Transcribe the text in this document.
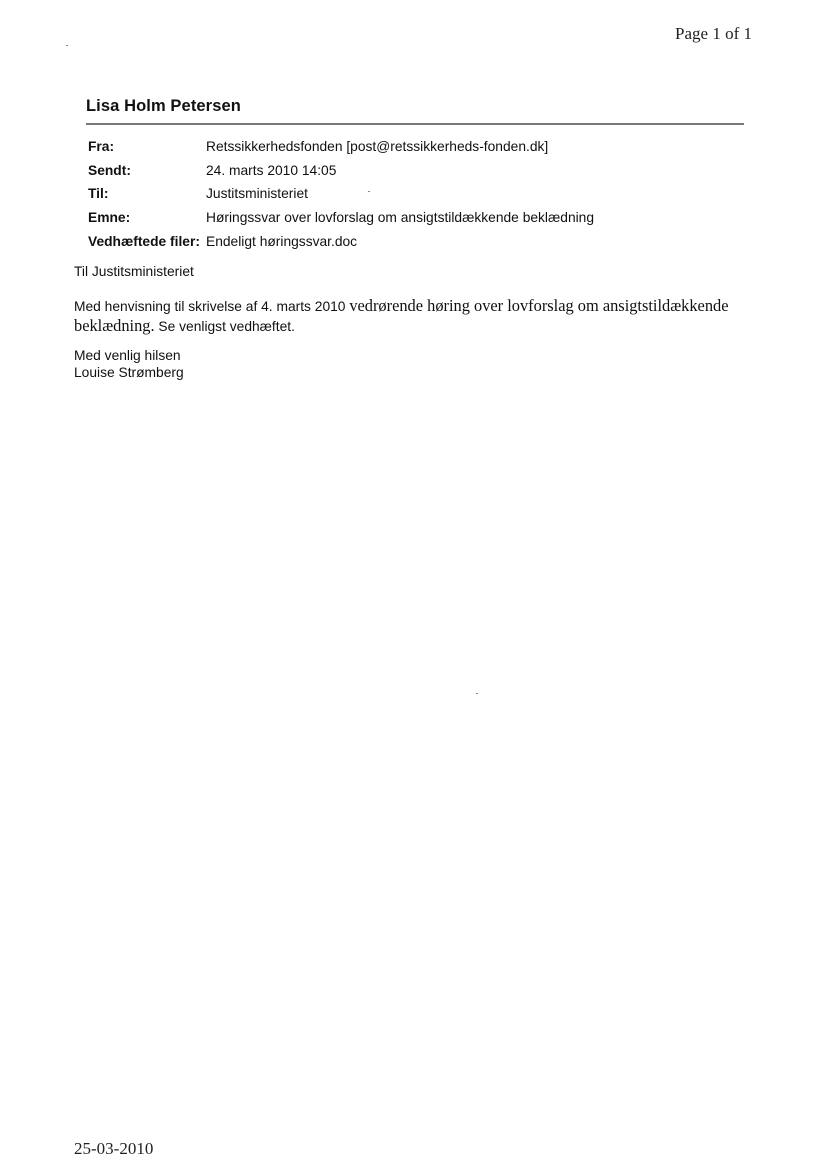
Page 1 of 1
Lisa Holm Petersen
Fra:	Retssikkerhedsfonden [post@retssikkerheds-fonden.dk]
Sendt:	24. marts 2010 14:05
Til:	Justitsministeriet
Emne:	Høringssvar over lovforslag om ansigtstildækkende beklædning
Vedhæftede filer: Endeligt høringssvar.doc
Til Justitsministeriet
Med henvisning til skrivelse af 4. marts 2010 vedrørende høring over lovforslag om ansigtstildækkende beklædning. Se venligst vedhæftet.
Med venlig hilsen
Louise Strømberg
25-03-2010
